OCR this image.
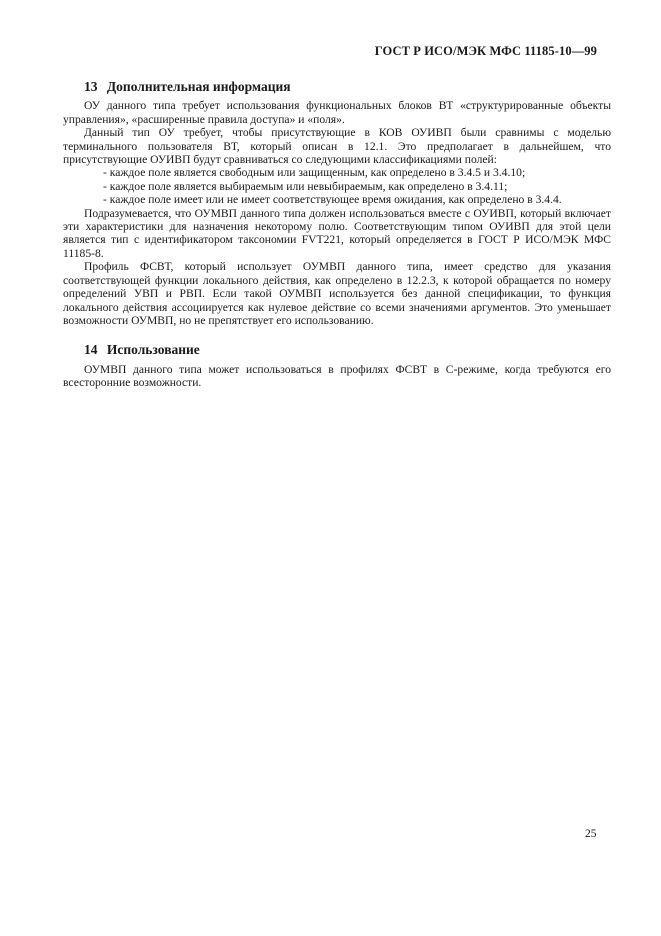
ГОСТ Р ИСО/МЭК МФС 11185-10—99
13 Дополнительная информация

ОУ данного типа требует использования функциональных блоков ВТ «структурированные объекты управления», «расширенные правила доступа» и «поля».

Данный тип ОУ требует, чтобы присутствующие в КОВ ОУИВП были сравнимы с моделью терминального пользователя ВТ, который описан в 12.1. Это предполагает в дальнейшем, что присутствующие ОУИВП будут сравниваться со следующими классификациями полей:

- каждое поле является свободным или защищенным, как определено в 3.4.5 и 3.4.10;

- каждое поле является выбираемым или невыбираемым, как определено в 3.4.11;

- каждое поле имеет или не имеет соответствующее время ожидания, как определено в 3.4.4.

Подразумевается, что ОУМВП данного типа должен использоваться вместе с ОУИВП, который включает эти характеристики для назначения некоторому полю. Соответствующим типом ОУИВП для этой цели является тип с идентификатором таксономии FVT221, который определяется в ГОСТ Р ИСО/МЭК МФС 11185-8.

Профиль ФСВТ, который использует ОУМВП данного типа, имеет средство для указания соответствующей функции локального действия, как определено в 12.2.3, к которой обращается по номеру определений УВП и РВП. Если такой ОУМВП используется без данной спецификации, то функция локального действия ассоциируется как нулевое действие со всеми значениями аргументов. Это уменьшает возможности ОУМВП, но не препятствует его использованию.

14 Использование

ОУМВП данного типа может использоваться в профилях ФСВТ в С-режиме, когда требуются его всесторонние возможности.

25
